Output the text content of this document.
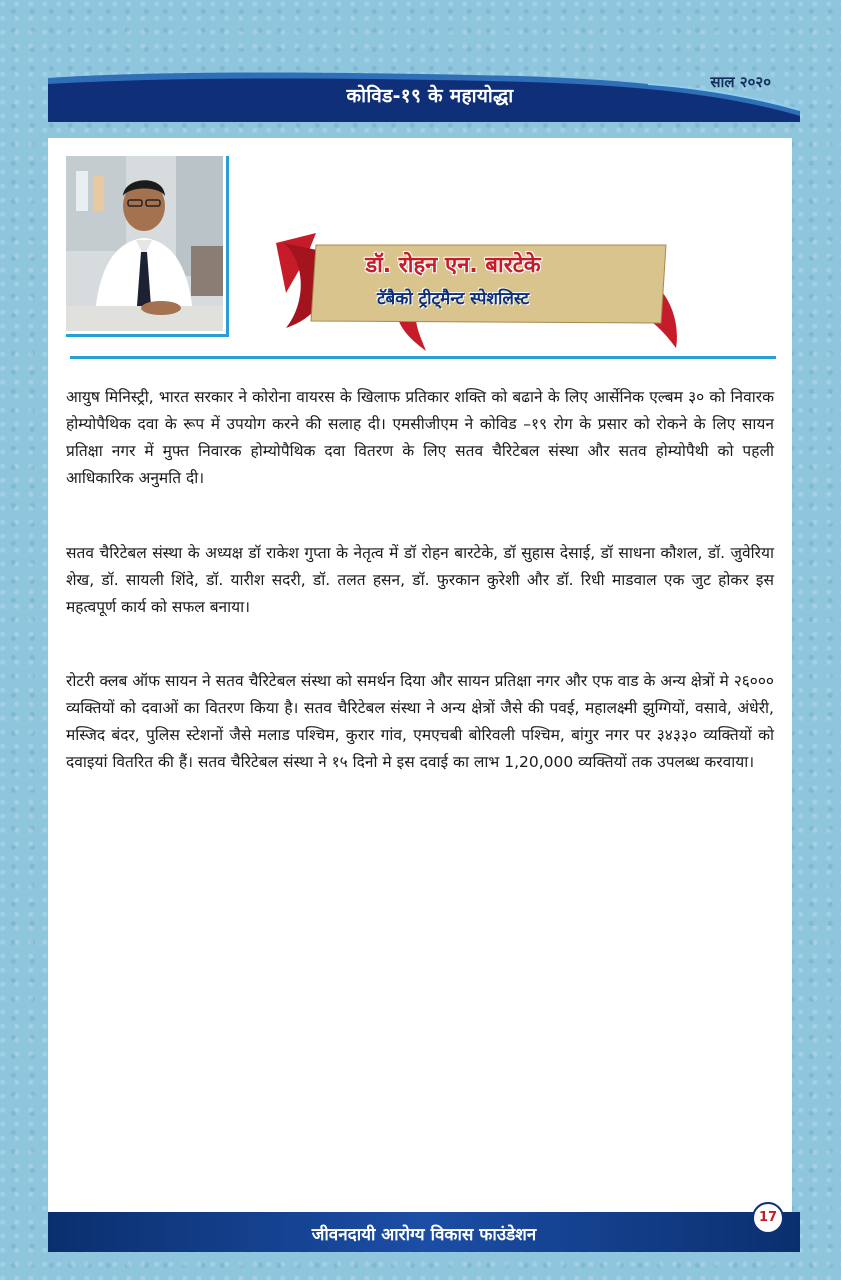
कोविड-१९ के महायोद्धा
साल २०२०
डॉ. रोहन एन. बारटेके
टॅबैको ट्रीट्मैन्ट स्पेशलिस्ट

आयुष मिनिस्ट्री, भारत सरकार ने कोरोना वायरस के खिलाफ प्रतिकार शक्ति को बढाने के लिए आर्सेनिक एल्बम ३० को निवारक होम्योपैथिक दवा के रूप में उपयोग करने की सलाह दी। एमसीजीएम ने कोविड –१९ रोग के प्रसार को रोकने के लिए सायन प्रतिक्षा नगर में मुफ्त निवारक होम्योपैथिक दवा वितरण के लिए सतव चैरिटेबल संस्था और सतव होम्योपैथी को पहली आधिकारिक अनुमति दी।

सतव चैरिटेबल संस्था के अध्यक्ष डॉ राकेश गुप्ता के नेतृत्व में डॉ रोहन बारटेके, डॉ सुहास देसाई, डॉ साधना कौशल, डॉ. जुवेरिया शेख, डॉ. सायली शिंदे, डॉ. यारीश सदरी, डॉ. तलत हसन, डॉ. फुरकान कुरेशी और डॉ. रिधी माडवाल एक जुट होकर इस महत्वपूर्ण कार्य को सफल बनाया।

रोटरी क्लब ऑफ सायन ने सतव चैरिटेबल संस्था को समर्थन दिया और सायन प्रतिक्षा नगर और एफ वाड के अन्य क्षेत्रों मे २६००० व्यक्तियों को दवाओं का वितरण किया है। सतव चैरिटेबल संस्था ने अन्य क्षेत्रों जैसे की पवई, महालक्ष्मी झुग्गियों, वसावे, अंधेरी, मस्जिद बंदर, पुलिस स्टेशनों जैसे मलाड पश्चिम, कुरार गांव, एमएचबी बोरिवली पश्चिम, बांगुर नगर पर ३४३३० व्यक्तियों को दवाइयां वितरित की हैं। सतव चैरिटेबल संस्था ने १५ दिनो मे इस दवाई का लाभ 1,20,000 व्यक्तियों तक उपलब्ध करवाया।

जीवनदायी आरोग्य विकास फाउंडेशन
17
